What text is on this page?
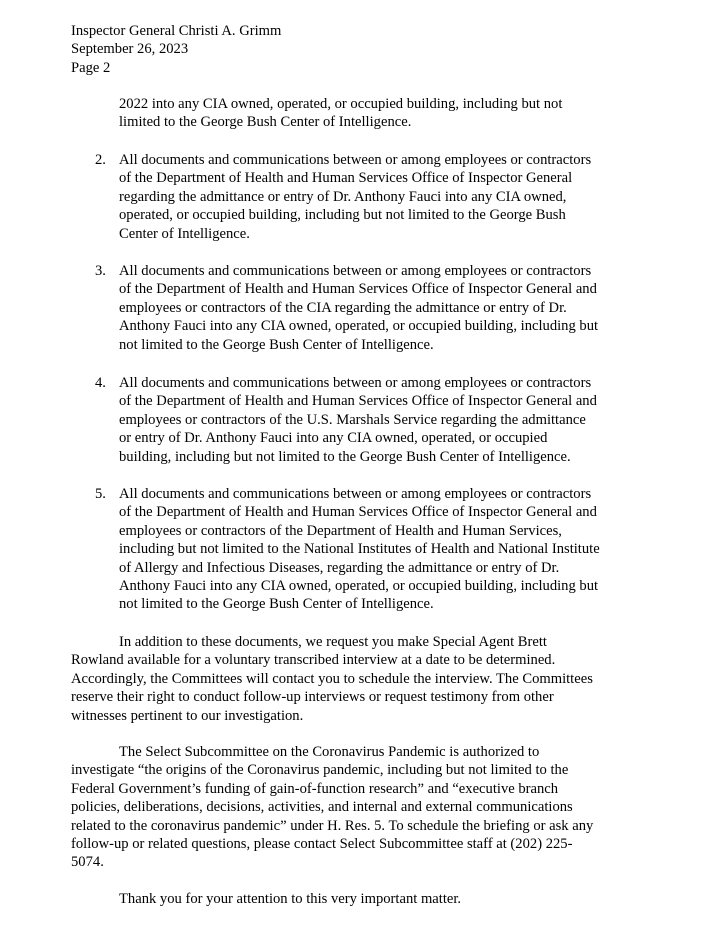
Inspector General Christi A. Grimm
September 26, 2023
Page 2
2022 into any CIA owned, operated, or occupied building, including but not
limited to the George Bush Center of Intelligence.
2. All documents and communications between or among employees or contractors
of the Department of Health and Human Services Office of Inspector General
regarding the admittance or entry of Dr. Anthony Fauci into any CIA owned,
operated, or occupied building, including but not limited to the George Bush
Center of Intelligence.
3. All documents and communications between or among employees or contractors
of the Department of Health and Human Services Office of Inspector General and
employees or contractors of the CIA regarding the admittance or entry of Dr.
Anthony Fauci into any CIA owned, operated, or occupied building, including but
not limited to the George Bush Center of Intelligence.
4. All documents and communications between or among employees or contractors
of the Department of Health and Human Services Office of Inspector General and
employees or contractors of the U.S. Marshals Service regarding the admittance
or entry of Dr. Anthony Fauci into any CIA owned, operated, or occupied
building, including but not limited to the George Bush Center of Intelligence.
5. All documents and communications between or among employees or contractors
of the Department of Health and Human Services Office of Inspector General and
employees or contractors of the Department of Health and Human Services,
including but not limited to the National Institutes of Health and National Institute
of Allergy and Infectious Diseases, regarding the admittance or entry of Dr.
Anthony Fauci into any CIA owned, operated, or occupied building, including but
not limited to the George Bush Center of Intelligence.
In addition to these documents, we request you make Special Agent Brett
Rowland available for a voluntary transcribed interview at a date to be determined.
Accordingly, the Committees will contact you to schedule the interview. The Committees
reserve their right to conduct follow-up interviews or request testimony from other
witnesses pertinent to our investigation.
The Select Subcommittee on the Coronavirus Pandemic is authorized to
investigate “the origins of the Coronavirus pandemic, including but not limited to the
Federal Government’s funding of gain-of-function research” and “executive branch
policies, deliberations, decisions, activities, and internal and external communications
related to the coronavirus pandemic” under H. Res. 5. To schedule the briefing or ask any
follow-up or related questions, please contact Select Subcommittee staff at (202) 225-
5074.
Thank you for your attention to this very important matter.
